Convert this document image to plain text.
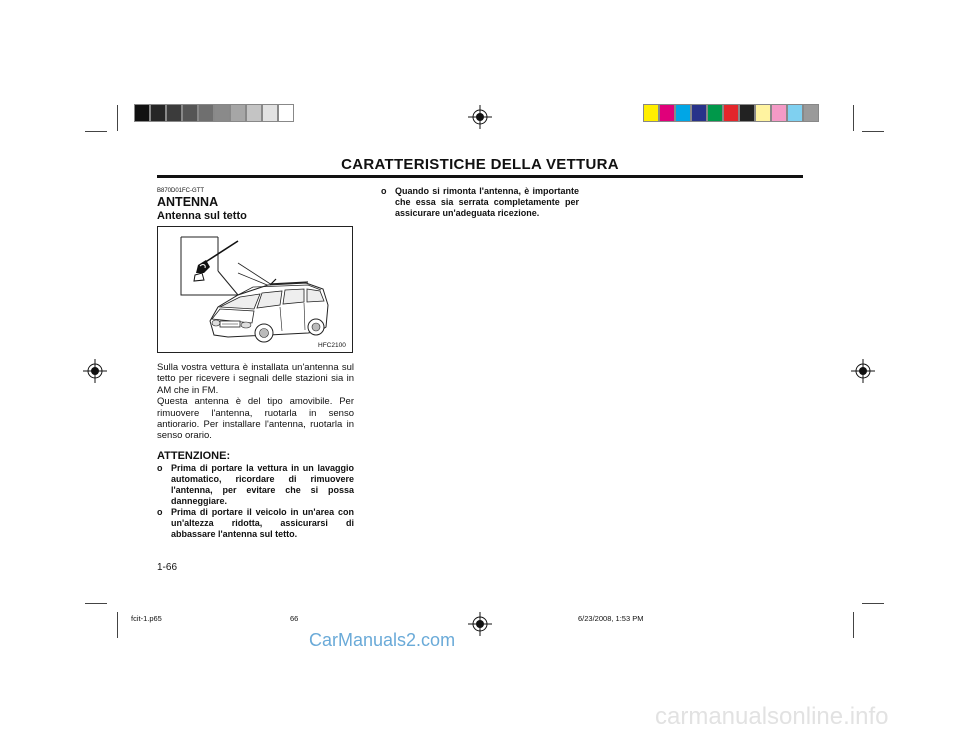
CARATTERISTICHE DELLA VETTURA
B870D01FC-GTT
ANTENNA
Antenna sul tetto
HFC2100

Sulla vostra vettura è installata un'antenna sul tetto per ricevere i segnali delle stazioni sia in AM che in FM.

Questa antenna è del tipo amovibile. Per rimuovere l'antenna, ruotarla in senso antiorario. Per installare l'antenna, ruotarla in senso orario.

ATTENZIONE:
o Prima di portare la vettura in un lavaggio automatico, ricordare di rimuovere l'antenna, per evitare che si possa danneggiare.
o Prima di portare il veicolo in un'area con un'altezza ridotta, assicurarsi di abbassare l'antenna sul tetto.
o Quando si rimonta l'antenna, è importante che essa sia serrata completamente per assicurare un'adeguata ricezione.
1-66
fcit-1.p65	66	6/23/2008, 1:53 PM
CarManuals2.com
carmanualsonline.info
